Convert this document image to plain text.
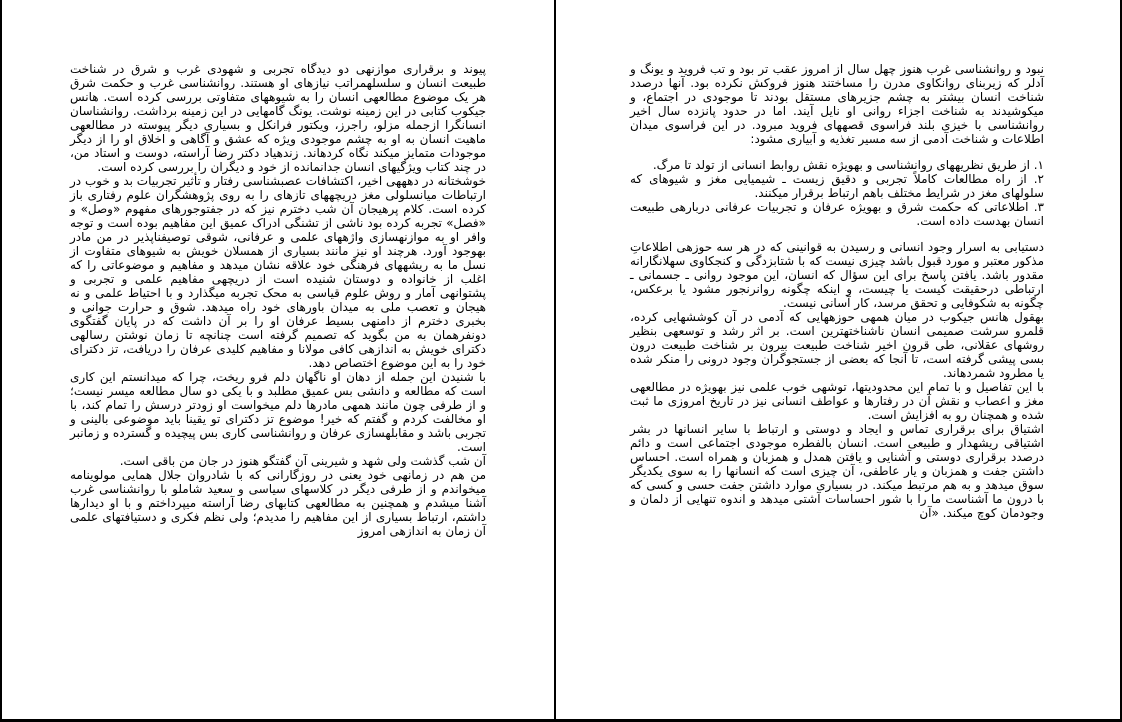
پیوند و برقراری موازنهی دو دیدگاه تجربی و شهودی غرب و شرق در شناخت طبیعت انسان و سلسلهمراتب نیازهای او هستند. روانشناسی غرب و حکمت شرق هر یک موضوع مطالعهی انسان را به شیوههای متفاوتی بررسی کرده است. هانس جیکوب کتابی در این زمینه نوشت. یونگ گامهایی در این زمینه برداشت. روانشناسان انسانگرا ازجمله مزلو، راجرز، ویکتور فرانکل و بسیاری دیگر پیوسته در مطالعهی ماهیت انسان به او به چشم موجودی ویژه که عشق و آگاهی و اخلاق او را از دیگر موجودات متمایز میکند نگاه کردهاند. زندهیاد دکتر رضا آراسته، دوست و استاد من، در چند کتاب ویژگیهای انسان جدانمانده از خود و دیگران را بررسی کرده است.

خوشختانه در دهههی اخیر، اکتشافات عصبشناسی رفتار و تأثیر تجربیات بد و خوب در ارتباطات میانسلولی مغز دریچههای تازهای را به روی پژوهشگران علوم رفتاری باز کرده است. کلام پرهیجان آن شب دخترم نیز که در جفتوجورهای مفهوم «وصل» و «فصل» تجربه کرده بود ناشی از تشنگی ادراک عمیق این مفاهیم بوده است و توجه وافر او به موازنهسازی واژههای علمی و عرفانی، شوقی توصیفناپذیر در من مادر بهوجود آورد. هرچند او نیز مانند بسیاری از همسلان خویش به شیوهای متفاوت از نسل ما به ریشههای فرهنگی خود علاقه نشان میدهد و مفاهیم و موضوعاتی را که اغلب از خانواده و دوستان شنیده است از دریچهی مفاهیم علمی و تجربی و پشتوانهی آمار و روش علوم قیاسی به محک تجربه میگذارد و با احتیاط علمی و نه هیجان و تعصب ملی به میدان باورهای خود راه میدهد. شوق و حرارت جوانی و بخبری دخترم از دامنهی بسیط عرفان او را بر آن داشت که در پایان گفتگوی دونفرهمان به من بگوید که تصمیم گرفته است چنانچه تا زمان نوشتن رسالهی دکترای خویش به اندازهی کافی مولانا و مفاهیم کلیدی عرفان را دریافت، تز دکترای خود را به این موضوع اختصاص دهد.

با شنیدن این جمله از دهان او ناگهان دلم فرو ریخت، چرا که میدانستم این کاری است که مطالعه و دانشی بس عمیق مطلبد و با یکی دو سال مطالعه میسر نیست؛ و از طرفی چون مانند همهی مادرها دلم میخواست او زودتر درسش را تمام کند، با او مخالفت کردم و گفتم که خیر! موضوع تز دکترای تو یقینا باید موضوعی بالینی و تجربی باشد و مقابلهسازی عرفان و روانشناسی کاری بس پیچیده و گسترده و زمانبر است.

آن شب گذشت ولی شهد و شیرینی آن گفتگو هنوز در جان من باقی است.

من هم در زمانهی خود یعنی در روزگارانی که با شادروان جلال همایی مولوینامه میخواندم و از طرفی دیگر در کلاسهای سیاسی و سعید شاملو با روانشناسی غرب آشنا میشدم و همچنین به مطالعهی کتابهای رضا آراسته میپرداختم و با او دیدارها داشتم، ارتباط بسیاری از این مفاهیم را مدیدم؛ ولی نظم فکری و دستیافتهای علمی آن زمان به اندازهی امروز

نبود و روانشناسی غرب هنوز چهل سال از امروز عقب تر بود و تب فروید و یونگ و آدلر که زیربنای روانکاوی مدرن را مساختند هنوز فروکش نکرده بود. آنها درصدد شناخت انسان بیشتر به چشم جزیرهای مستقل بودند تا موجودی در اجتماع، و میکوشیدند به شناخت اجزاء روانی او نایل آیند. اما در حدود پانزده سال اخیر روانشناسی با خیزی بلند فراسوی قصههای فروید مبرود. در این فراسوی میدان اطلاعات و شناخت آدمی از سه مسیر تغذیه و آبیاری مشود:

۱. از طریق نظریههای روانشناسی و بهویژه نقش روابط انسانی از تولد تا مرگ.

۲. از راه مطالعات کاملاً تجربی و دقیق زیست ـ شیمیایی مغز و شیوهای که سلولهای مغز در شرایط مختلف باهم ارتباط برقرار میکنند.

۳. اطلاعاتی که حکمت شرق و بهویژه عرفان و تجربیات عرفانی دربارهی طبیعت انسان بهدست داده است.

دستیابی به اسرار وجود انسانی و رسیدن به قوانینی که در هر سه حوزهی اطلاعاتِ مذکور معتبر و مورد قبول باشد چیزی نیست که با شتابزدگی و کنجکاوی سهلانگارانه مقدور باشد. یافتن پاسخ برای این سؤال که انسان، این موجود روانی ـ جسمانی ـ ارتباطی درحقیقت کیست یا چیست، و اینکه چگونه روانرنجور مشود یا برعکس، چگونه به شکوفایی و تحقق مرسد، کار آسانی نیست.

بهقول هانس جیکوب در میان همهی حوزههایی که آدمی در آن کوششهایی کرده، قلمرو سرشت صمیمی انسان ناشناختهترین است. بر اثر رشد و توسعهی بنظیر روشهای عقلانی، طی قرون اخیر شناخت طبیعت بیرون بر شناخت طبیعت درون بسی پیشی گرفته است، تا آنجا که بعضی از جستجوگران وجود درونی را منکر شده یا مطرود شمردهاند.

با این تفاصیل و با تمام این محدودیتها، توشهی خوب علمی نیز بهویژه در مطالعهی مغز و اعصاب و نقش آن در رفتارها و عواطف انسانی نیز در تاریخ امروزی ما ثبت شده و همچنان رو به افزایش است.

اشتیاق برای برقراری تماس و ایجاد و دوستی و ارتباط با سایر انسانها در بشر اشتیاقی ریشهدار و طبیعی است. انسان بالفطره موجودی اجتماعی است و دائم درصدد برقراری دوستی و آشنایی و یافتن همدل و همزبان و همراه است. احساس داشتن جفت و همزبان و یار عاطفی، آن چیزی است که انسانها را به سوی یکدیگر سوق میدهد و به هم مرتبط میکند. در بسیاری موارد داشتن جفت حسی و کسی که با درون ما آشناست ما را با شور احساسات آشتی میدهد و اندوه تنهایی از دلمان و وجودمان کوچ میکند. «آن
